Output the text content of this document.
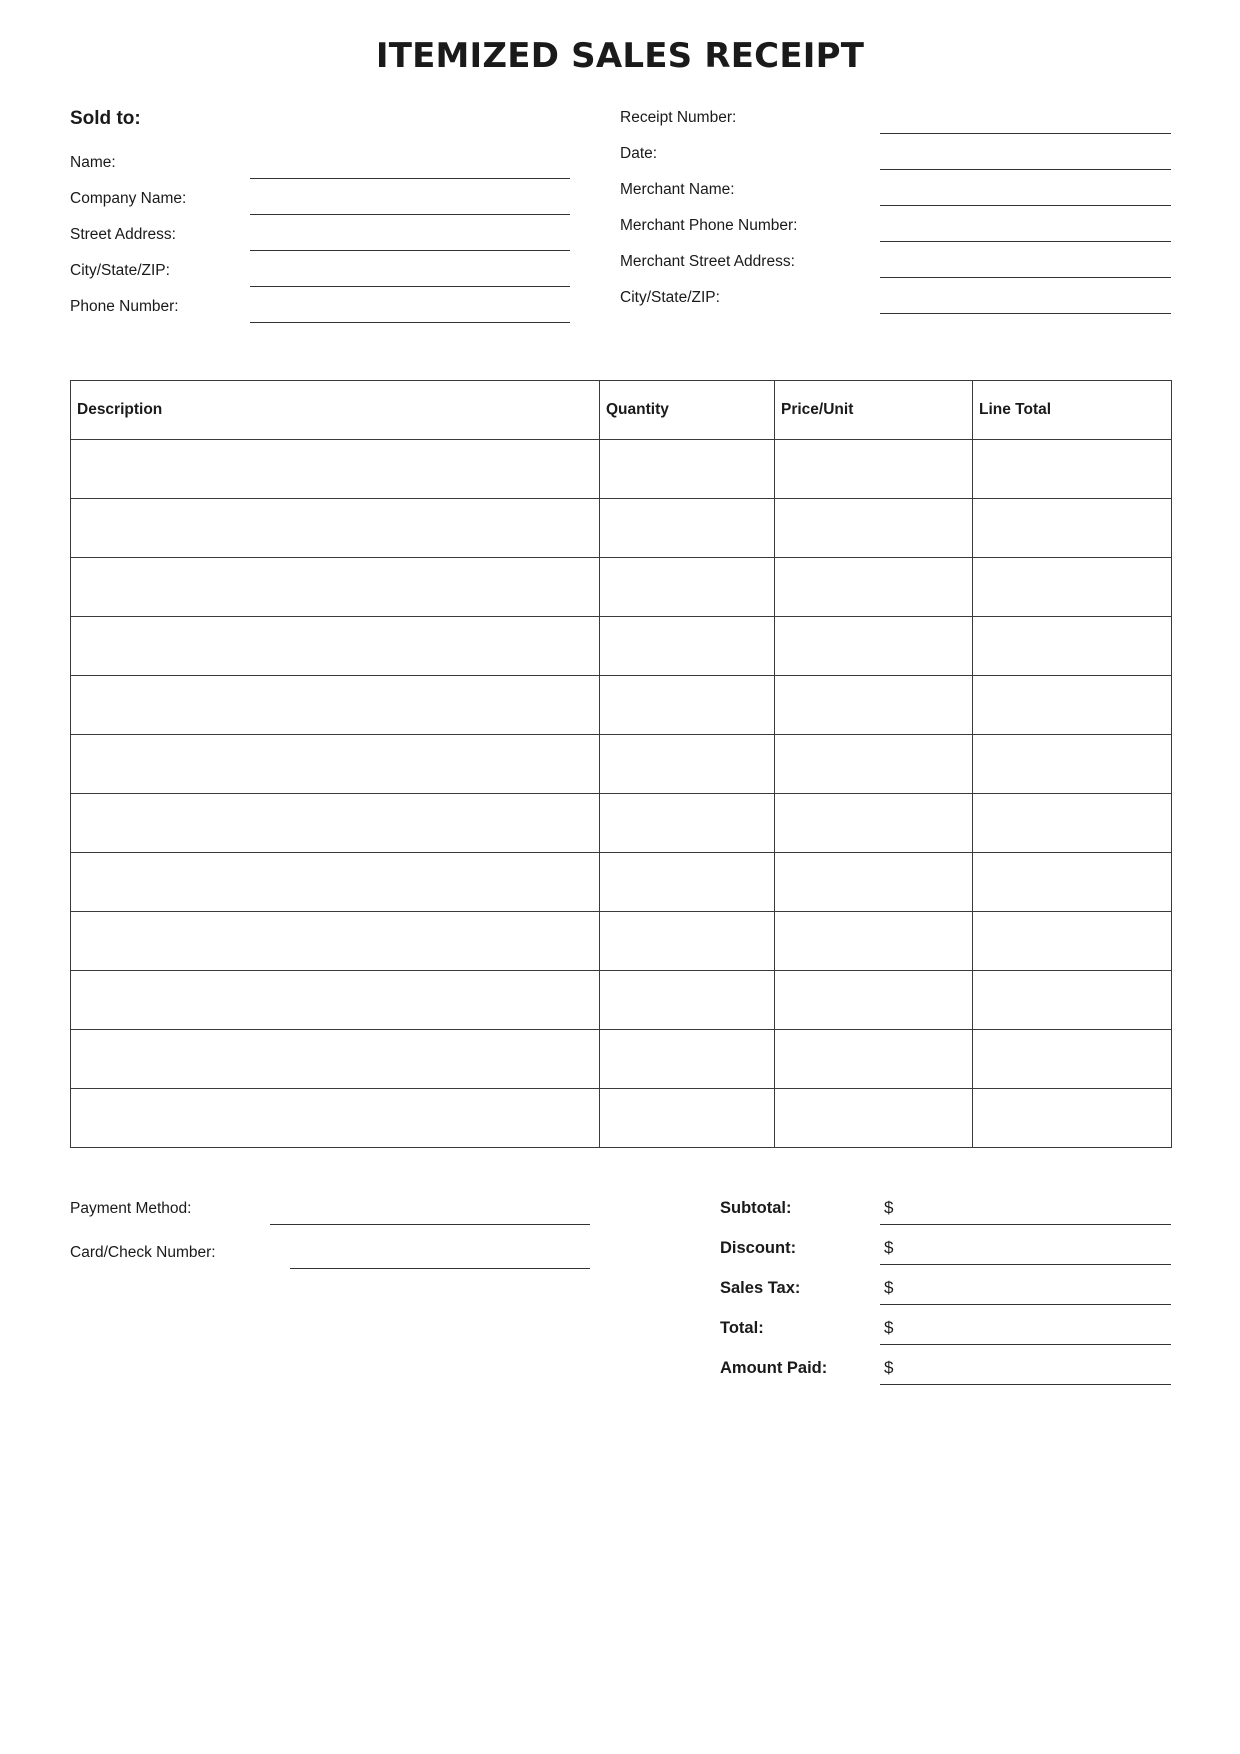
ITEMIZED SALES RECEIPT
Sold to:
Name:
Company Name:
Street Address:
City/State/ZIP:
Phone Number:
Receipt Number:
Date:
Merchant Name:
Merchant Phone Number:
Merchant Street Address:
City/State/ZIP:
Description	Quantity	Price/Unit	Line Total

Payment Method:
Card/Check Number:
Subtotal:	$
Discount:	$
Sales Tax:	$
Total:	$
Amount Paid:	$
